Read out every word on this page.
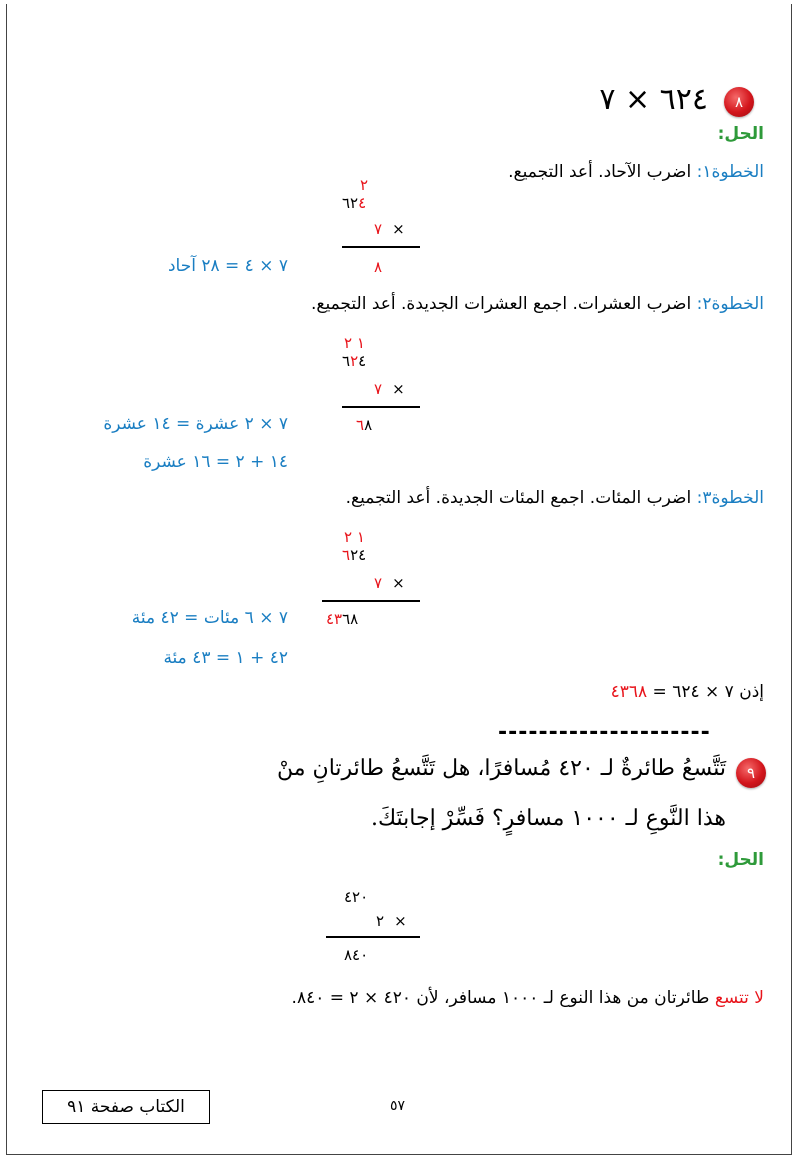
٨
٦٢٤ × ٧
الحل:
الخطوة١: اضرب الآحاد. أعد التجميع.
٢
٦٢٤
٧ ×
٨
٧ × ٤ = ٢٨ آحاد
الخطوة٢: اضرب العشرات. اجمع العشرات الجديدة. أعد التجميع.
١ ٢
٦٢٤
٧ ×
٦٨
٧ × ٢ عشرة = ١٤ عشرة
١٤ + ٢ = ١٦ عشرة
الخطوة٣: اضرب المئات. اجمع المئات الجديدة. أعد التجميع.
١ ٢
٦٢٤
٧ ×
٤٣٦٨
٧ × ٦ مئات = ٤٢ مئة
٤٢ + ١ = ٤٣ مئة
إذن ٧ × ٦٢٤ = ٤٣٦٨
---------------------
٩
تَتَّسعُ طائرةٌ لـ ٤٢٠ مُسافرًا، هل تَتَّسعُ طائرتانِ منْ
هذا النَّوعِ لـ ١٠٠٠ مسافرٍ؟ فَسِّرْ إجابتَكَ.
الحل:
٤٢٠
٢ ×
٨٤٠
لا تتسع طائرتان من هذا النوع لـ ١٠٠٠ مسافر، لأن ٤٢٠ × ٢ = ٨٤٠.
٥٧
الكتاب صفحة ٩١
